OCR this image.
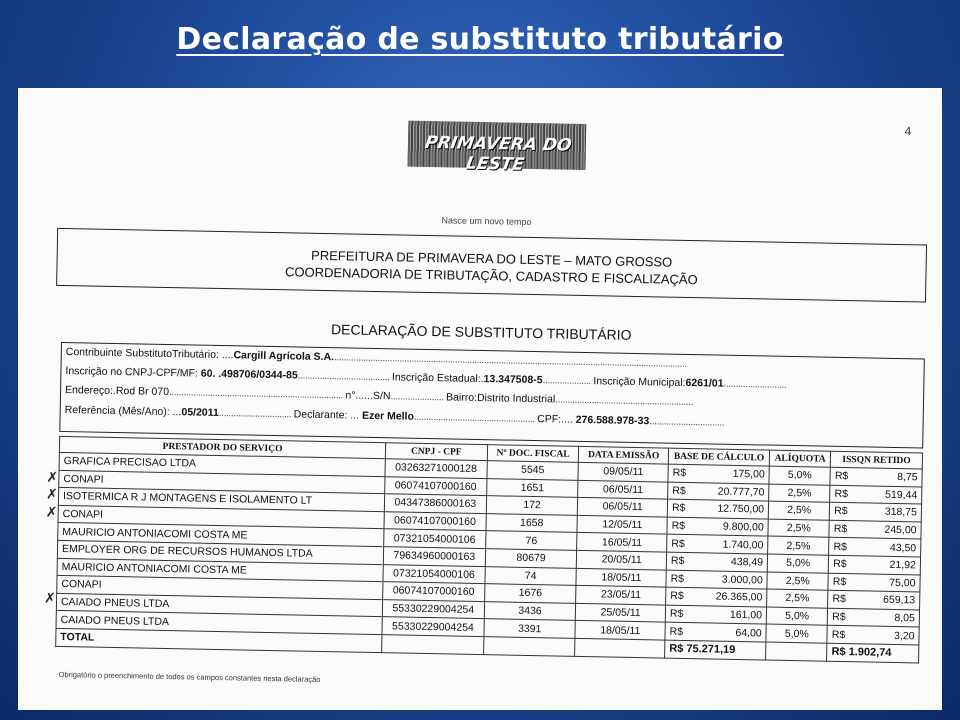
Declaração de substituto tributário
4
PRIMAVERA DO LESTE
Nasce um novo tempo
PREFEITURA DE PRIMAVERA DO LESTE – MATO GROSSO
COORDENADORIA DE TRIBUTAÇÃO, CADASTRO E FISCALIZAÇÃO
DECLARAÇÃO DE SUBSTITUTO TRIBUTÁRIO
Contribuinte SubstitutoTributário: ....Cargill Agrícola S.A...................................................................................................................................................
Inscrição no CNPJ-CPF/MF: 60. .498706/0344-85...................................... Inscrição Estadual:.13.347508-5.................... Inscrição Municipal:6261/01..........................
Endereço:.Rod Br 070........................................................................ n°......S/N...................... Bairro:Distrito Industrial.........................................................
Referência (Mês/Ano): ...05/2011.............................. Declarante: ... Ezer Mello.................................................. CPF:.... 276.588.978-33...............................
PRESTADOR DO SERVIÇO	CNPJ - CPF	Nº DOC. FISCAL	DATA EMISSÃO	BASE DE CÁLCULO	ALÍQUOTA	ISSQN RETIDO
GRAFICA PRECISAO LTDA	03263271000128	5545	09/05/11	R$ 175,00	5,0%	R$ 8,75

CONAPI	06074107000160	1651	06/05/11	R$ 20.777,70	2,5%	R$ 519,44

ISOTERMICA R J MONTAGENS E ISOLAMENTO LT	04347386000163	172	06/05/11	R$ 12.750,00	2,5%	R$ 318,75

CONAPI	06074107000160	1658	12/05/11	R$ 9.800,00	2,5%	R$ 245,00

MAURICIO ANTONIACOMI COSTA ME	07321054000106	76	16/05/11	R$ 1.740,00	2,5%	R$ 43,50

EMPLOYER ORG DE RECURSOS HUMANOS LTDA	79634960000163	80679	20/05/11	R$ 438,49	5,0%	R$ 21,92

MAURICIO ANTONIACOMI COSTA ME	07321054000106	74	18/05/11	R$ 3.000,00	2,5%	R$ 75,00

CONAPI	06074107000160	1676	23/05/11	R$ 26.365,00	2,5%	R$ 659,13

CAIADO PNEUS LTDA	55330229004254	3436	25/05/11	R$ 161,00	5,0%	R$ 8,05

CAIADO PNEUS LTDA	55330229004254	3391	18/05/11	R$ 64,00	5,0%	R$ 3,20

TOTAL				R$ 75.271,19		R$ 1.902,74
Obrigatório o preenchimento de todos os campos constantes nesta declaração
✗
✗
✗
✗
